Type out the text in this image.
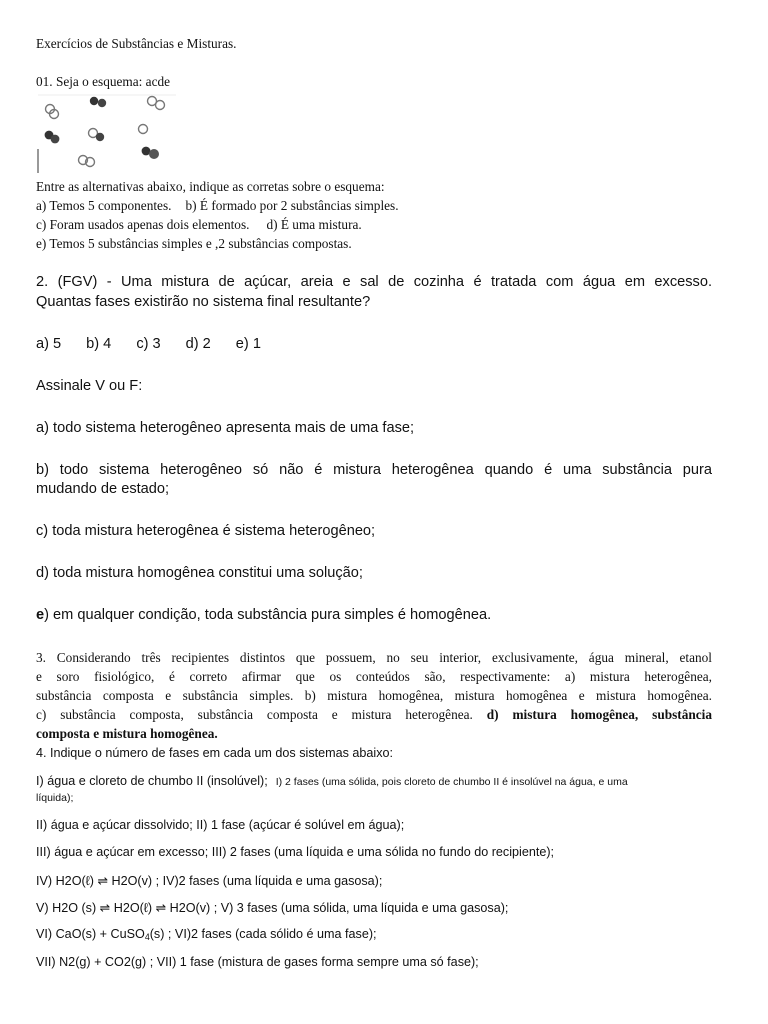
Exercícios de Substâncias e Misturas.
01. Seja o esquema: acde
Entre as alternativas abaixo, indique as corretas sobre o esquema:
a) Temos 5 componentes. b) É formado por 2 substâncias simples.
c) Foram usados apenas dois elementos. d) É uma mistura.
e) Temos 5 substâncias simples e ,2 substâncias compostas.
2. (FGV) - Uma mistura de açúcar, areia e sal de cozinha é tratada com água em excesso.
Quantas fases existirão no sistema final resultante?
a) 5 b) 4 c) 3 d) 2 e) 1
Assinale V ou F:
a) todo sistema heterogêneo apresenta mais de uma fase;
b) todo sistema heterogêneo só não é mistura heterogênea quando é uma substância pura
mudando de estado;
c) toda mistura heterogênea é sistema heterogêneo;
d) toda mistura homogênea constitui uma solução;
e) em qualquer condição, toda substância pura simples é homogênea.
3. Considerando três recipientes distintos que possuem, no seu interior, exclusivamente, água mineral, etanol
e soro fisiológico, é correto afirmar que os conteúdos são, respectivamente: a) mistura heterogênea,
substância composta e substância simples. b) mistura homogênea, mistura homogênea e mistura homogênea.
c) substância composta, substância composta e mistura heterogênea. d) mistura homogênea, substância
composta e mistura homogênea.
4. Indique o número de fases em cada um dos sistemas abaixo:
I) água e cloreto de chumbo II (insolúvel); I) 2 fases (uma sólida, pois cloreto de chumbo II é insolúvel na água, e uma
líquida);
II) água e açúcar dissolvido; II) 1 fase (açúcar é solúvel em água);
III) água e açúcar em excesso; III) 2 fases (uma líquida e uma sólida no fundo do recipiente);
IV) H2O(ℓ) ⇌ H2O(v) ; IV)2 fases (uma líquida e uma gasosa);
V) H2O (s) ⇌ H2O(ℓ) ⇌ H2O(v) ; V) 3 fases (uma sólida, uma líquida e uma gasosa);
VI) CaO(s) + CuSO$_4$(s) ; VI)2 fases (cada sólido é uma fase);
VII) N2(g) + CO2(g) ; VII) 1 fase (mistura de gases forma sempre uma só fase);
